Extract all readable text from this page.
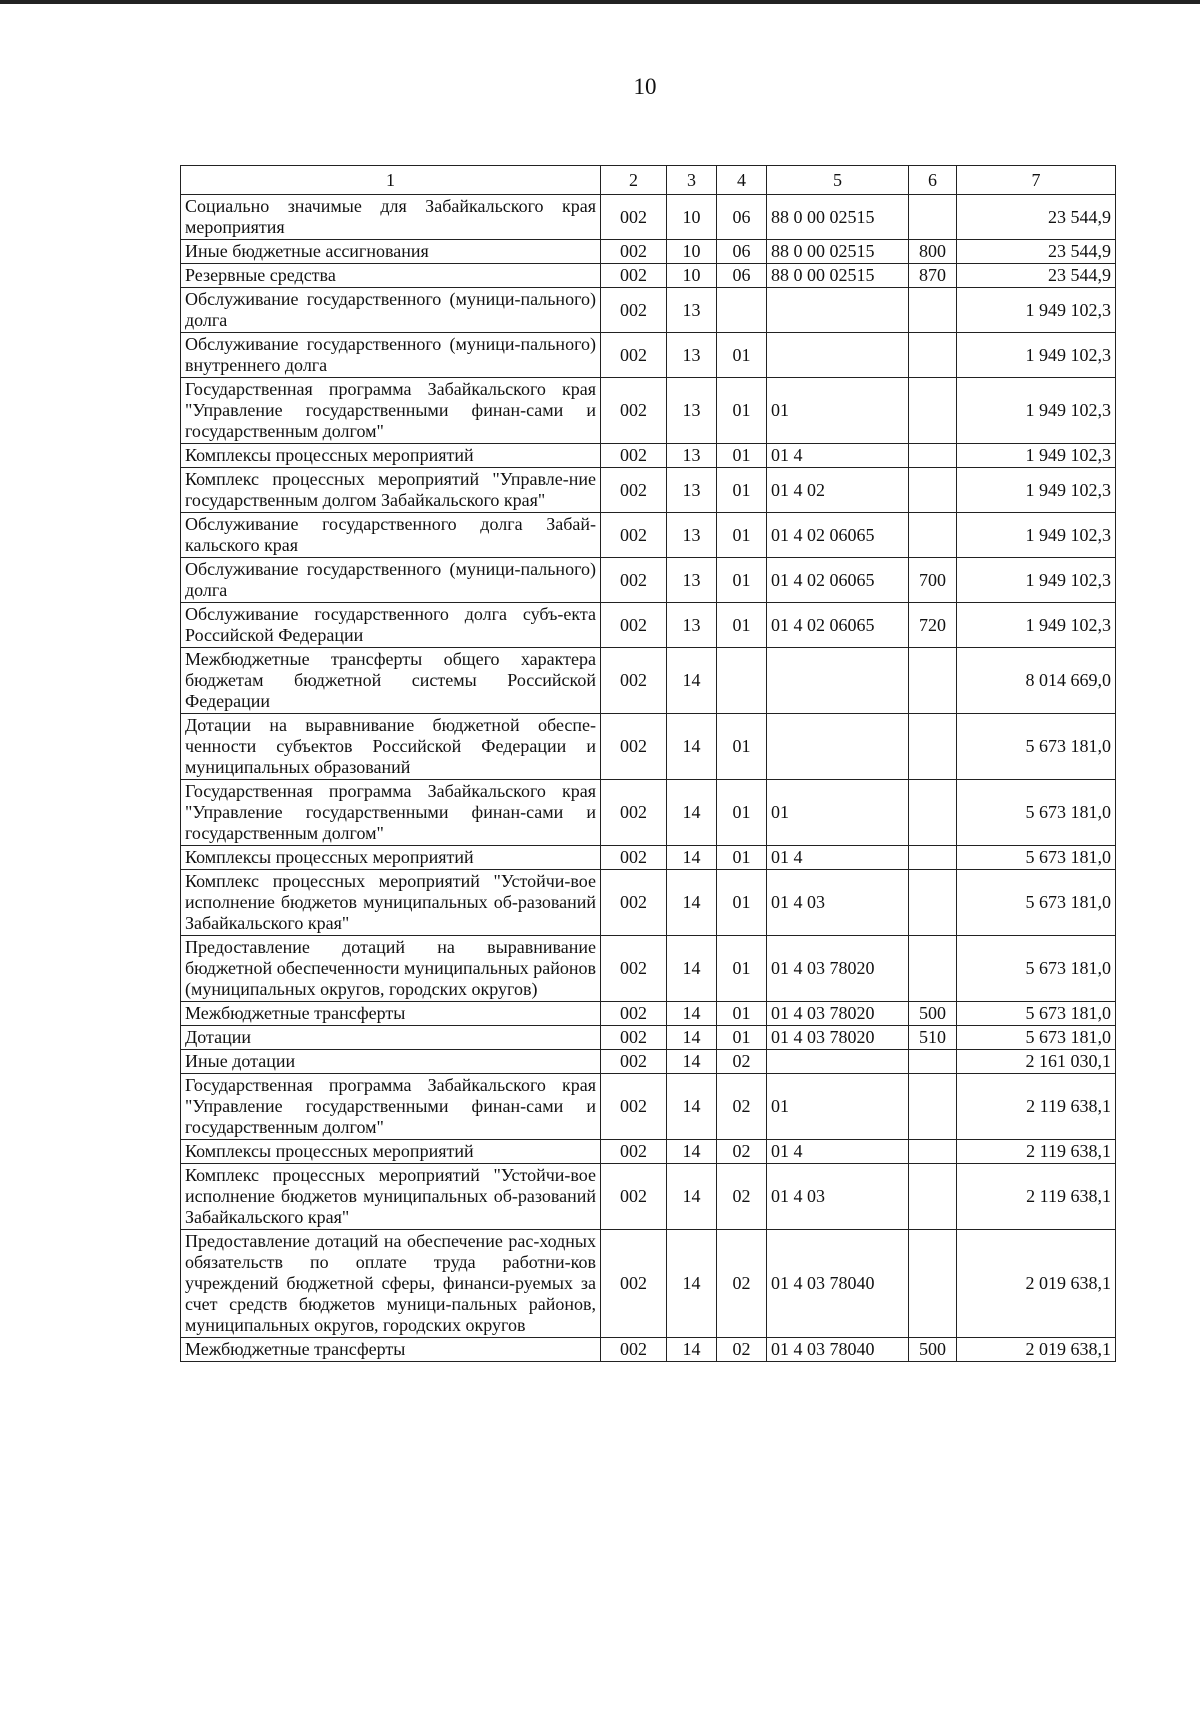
10
1	2	3	4	5	6	7
Социально значимые для Забайкальского края мероприятия	002	10	06	88 0 00 02515		23 544,9
Иные бюджетные ассигнования	002	10	06	88 0 00 02515	800	23 544,9
Резервные средства	002	10	06	88 0 00 02515	870	23 544,9
Обслуживание государственного (муници-пального) долга	002	13				1 949 102,3
Обслуживание государственного (муници-пального) внутреннего долга	002	13	01			1 949 102,3
Государственная программа Забайкальского края "Управление государственными финан-сами и государственным долгом"	002	13	01	01		1 949 102,3
Комплексы процессных мероприятий	002	13	01	01 4		1 949 102,3
Комплекс процессных мероприятий "Управле-ние государственным долгом Забайкальского края"	002	13	01	01 4 02		1 949 102,3
Обслуживание государственного долга Забай-кальского края	002	13	01	01 4 02 06065		1 949 102,3
Обслуживание государственного (муници-пального) долга	002	13	01	01 4 02 06065	700	1 949 102,3
Обслуживание государственного долга субъ-екта Российской Федерации	002	13	01	01 4 02 06065	720	1 949 102,3
Межбюджетные трансферты общего характера бюджетам бюджетной системы Российской Федерации	002	14				8 014 669,0
Дотации на выравнивание бюджетной обеспе-ченности субъектов Российской Федерации и муниципальных образований	002	14	01			5 673 181,0
Государственная программа Забайкальского края "Управление государственными финан-сами и государственным долгом"	002	14	01	01		5 673 181,0
Комплексы процессных мероприятий	002	14	01	01 4		5 673 181,0
Комплекс процессных мероприятий "Устойчи-вое исполнение бюджетов муниципальных об-разований Забайкальского края"	002	14	01	01 4 03		5 673 181,0
Предоставление дотаций на выравнивание бюджетной обеспеченности муниципальных районов (муниципальных округов, городских округов)	002	14	01	01 4 03 78020		5 673 181,0
Межбюджетные трансферты	002	14	01	01 4 03 78020	500	5 673 181,0
Дотации	002	14	01	01 4 03 78020	510	5 673 181,0
Иные дотации	002	14	02			2 161 030,1
Государственная программа Забайкальского края "Управление государственными финан-сами и государственным долгом"	002	14	02	01		2 119 638,1
Комплексы процессных мероприятий	002	14	02	01 4		2 119 638,1
Комплекс процессных мероприятий "Устойчи-вое исполнение бюджетов муниципальных об-разований Забайкальского края"	002	14	02	01 4 03		2 119 638,1
Предоставление дотаций на обеспечение рас-ходных обязательств по оплате труда работни-ков учреждений бюджетной сферы, финанси-руемых за счет средств бюджетов муници-пальных районов, муниципальных округов, городских округов	002	14	02	01 4 03 78040		2 019 638,1
Межбюджетные трансферты	002	14	02	01 4 03 78040	500	2 019 638,1
